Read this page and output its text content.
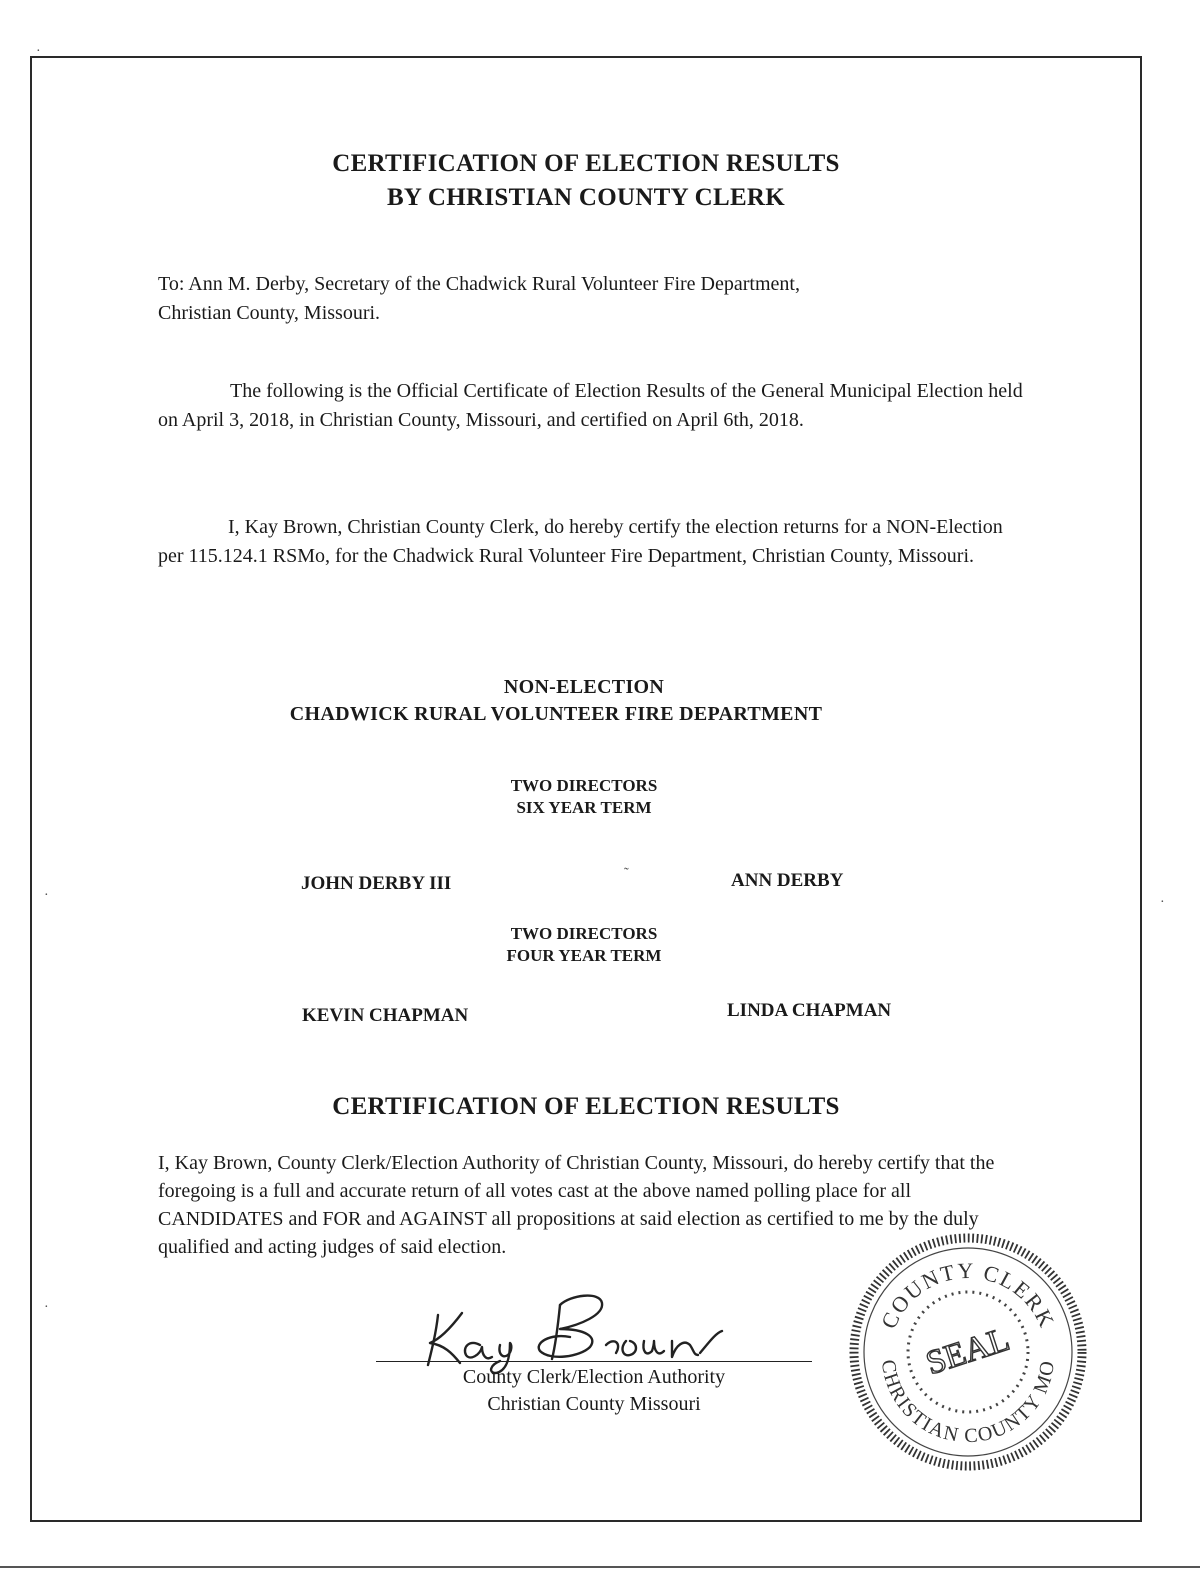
CERTIFICATION OF ELECTION RESULTS
BY CHRISTIAN COUNTY CLERK
To: Ann M. Derby, Secretary of the Chadwick Rural Volunteer Fire Department,
Christian County, Missouri.

The following is the Official Certificate of Election Results of the General Municipal Election held on April 3, 2018, in Christian County, Missouri, and certified on April 6th, 2018.

I, Kay Brown, Christian County Clerk, do hereby certify the election returns for a NON-Election per 115.124.1 RSMo, for the Chadwick Rural Volunteer Fire Department, Christian County, Missouri.

NON-ELECTION
CHADWICK RURAL VOLUNTEER FIRE DEPARTMENT
TWO DIRECTORS
SIX YEAR TERM
JOHN DERBY III	˜	ANN DERBY
TWO DIRECTORS
FOUR YEAR TERM
KEVIN CHAPMAN	LINDA CHAPMAN
CERTIFICATION OF ELECTION RESULTS

I, Kay Brown, County Clerk/Election Authority of Christian County, Missouri, do hereby certify that the foregoing is a full and accurate return of all votes cast at the above named polling place for all CANDIDATES and FOR and AGAINST all propositions at said election as certified to me by the duly qualified and acting judges of said election.

County Clerk/Election Authority
Christian County Missouri
COUNTY CLERK
CHRISTIAN COUNTY MO
SEAL
·
·
·
·
